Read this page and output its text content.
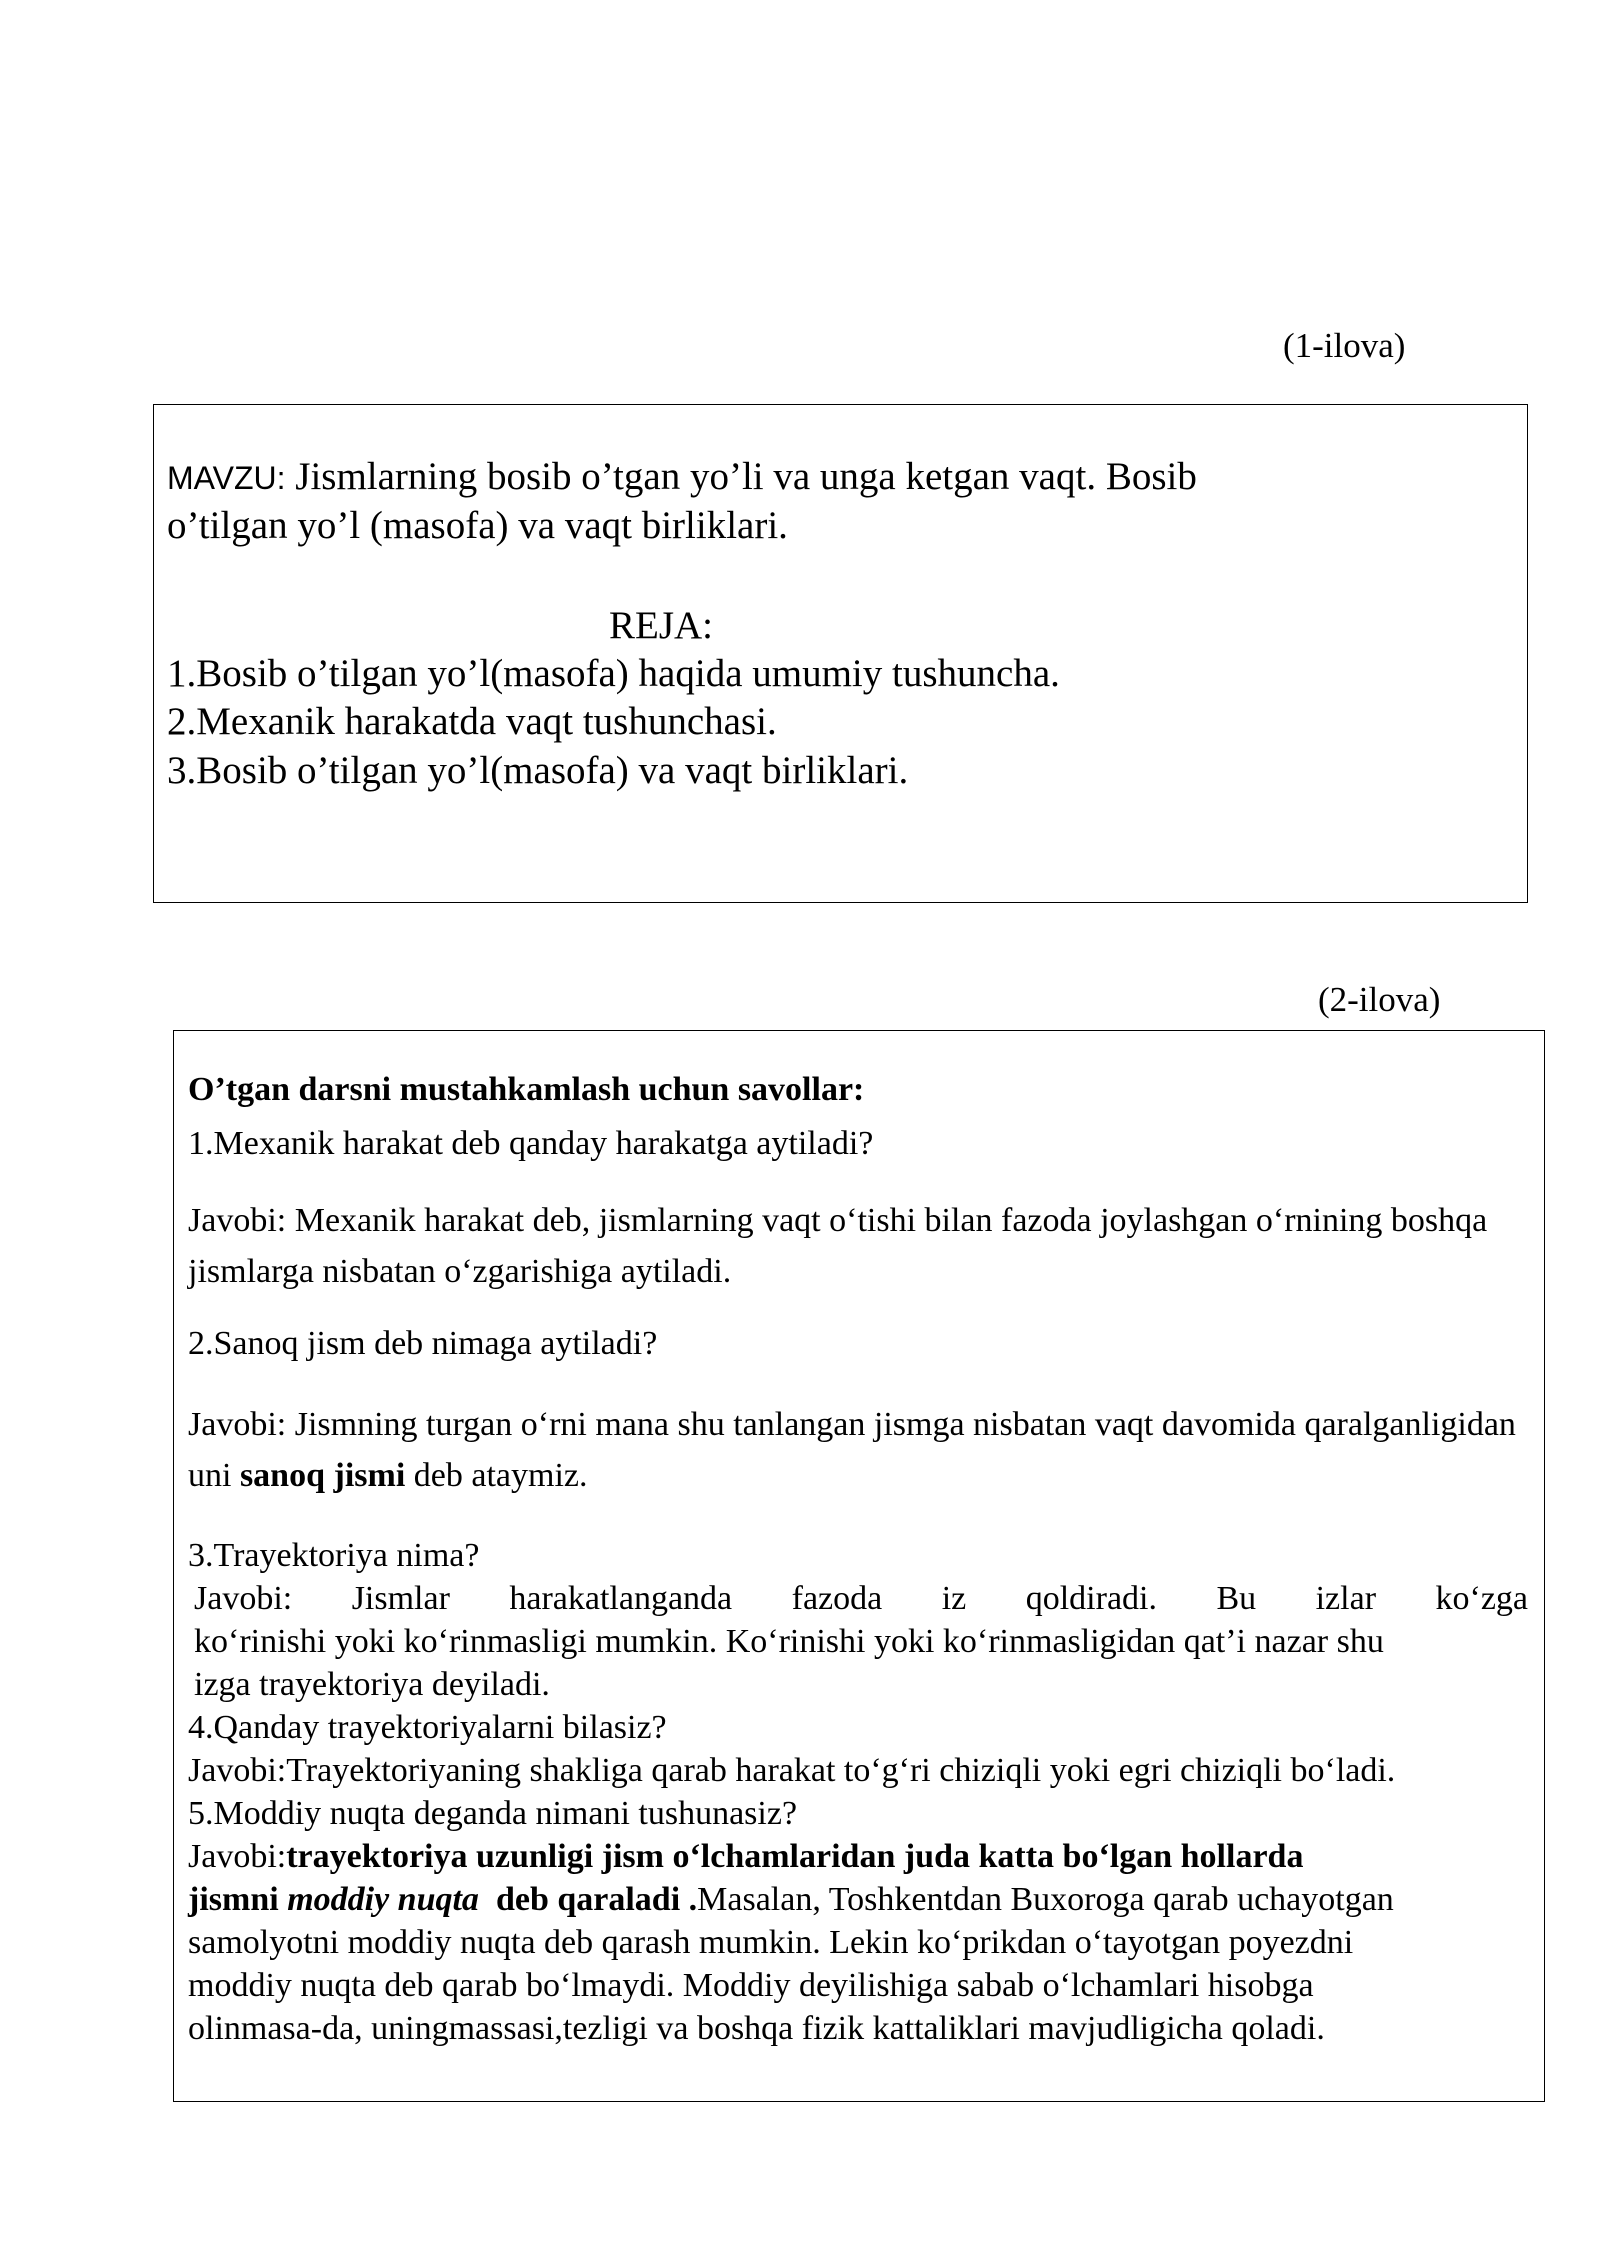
(1-ilova)
MAVZU: Jismlarning bosib o’tgan yo’li va unga ketgan vaqt. Bosib
o’tilgan yo’l (masofa) va vaqt birliklari.
REJA:
1.Bosib o’tilgan yo’l(masofa) haqida umumiy tushuncha.
2.Mexanik harakatda vaqt tushunchasi.
3.Bosib o’tilgan yo’l(masofa) va vaqt birliklari.
(2-ilova)
O’tgan darsni mustahkamlash uchun savollar:
1.Mexanik harakat deb qanday harakatga aytiladi?
Javobi: Mexanik harakat deb, jismlarning vaqt o‘tishi bilan fazoda joylashgan o‘rnining boshqa jismlarga nisbatan o‘zgarishiga aytiladi.
2.Sanoq jism deb nimaga aytiladi?
Javobi: Jismning turgan o‘rni mana shu tanlangan jismga nisbatan vaqt davomida qaralganligidan uni sanoq jismi deb ataymiz.
3.Trayektoriya nima?
Javobi: Jismlar harakatlanganda fazoda iz qoldiradi. Bu izlar ko‘zga
ko‘rinishi yoki ko‘rinmasligi mumkin. Ko‘rinishi yoki ko‘rinmasligidan qat’i nazar shu
izga trayektoriya deyiladi.
4.Qanday trayektoriyalarni bilasiz?
Javobi:Trayektoriyaning shakliga qarab harakat to‘g‘ri chiziqli yoki egri chiziqli bo‘ladi.
5.Moddiy nuqta deganda nimani tushunasiz?
Javobi:trayektoriya uzunligi jism o‘lchamlaridan juda katta bo‘lgan hollarda
jismni moddiy nuqta  deb qaraladi .Masalan, Toshkentdan Buxoroga qarab uchayotgan
samolyotni moddiy nuqta deb qarash mumkin. Lekin ko‘prikdan o‘tayotgan poyezdni
moddiy nuqta deb qarab bo‘lmaydi. Moddiy deyilishiga sabab o‘lchamlari hisobga
olinmasa-da, uningmassasi,tezligi va boshqa fizik kattaliklari mavjudligicha qoladi.
